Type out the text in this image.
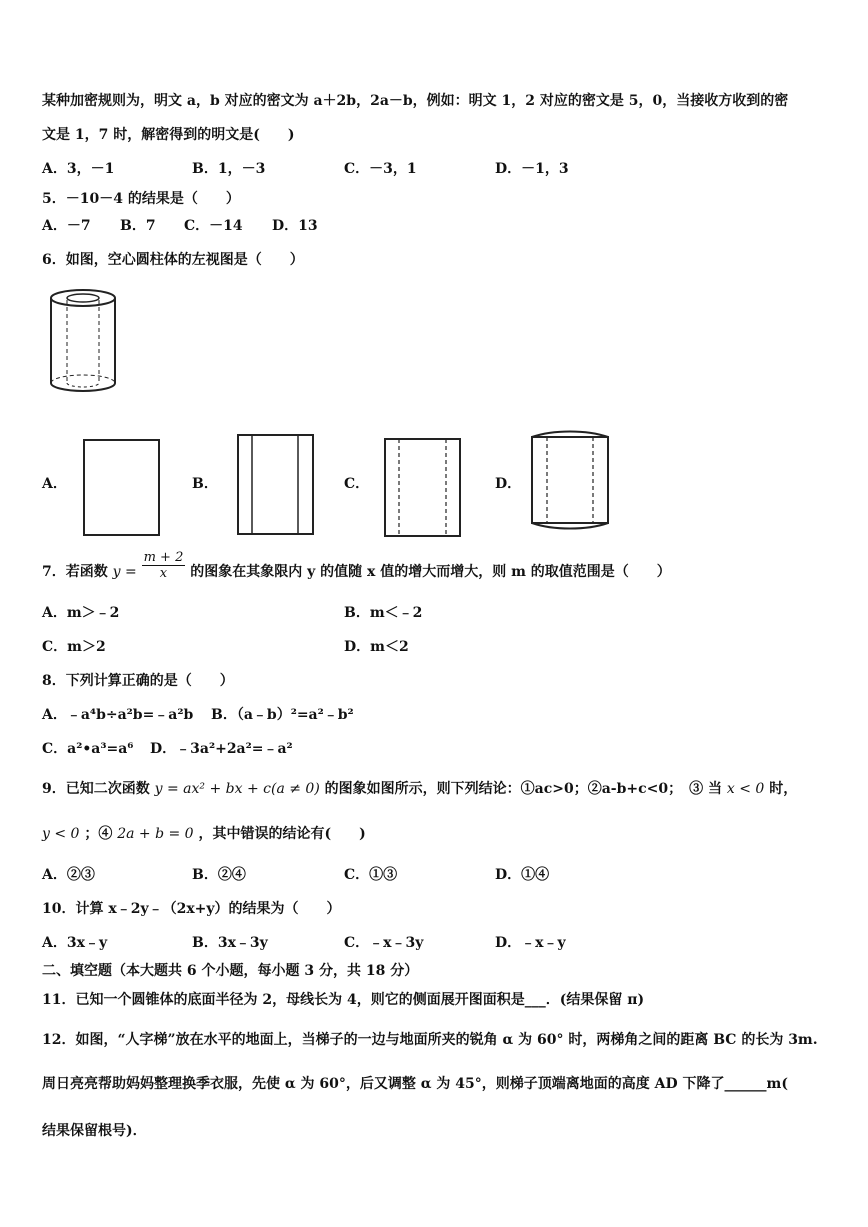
某种加密规则为，明文 a，b 对应的密文为 a＋2b，2a－b，例如：明文 1，2 对应的密文是 5，0，当接收方收到的密
文是 1，7 时，解密得到的明文是(　　)
A．3，－1	B．1，－3	C．－3，1	D．－1，3
5．－10－4 的结果是（　　）
A．－7 B．7 C．－14 D．13
6．如图，空心圆柱体的左视图是（　　）
A．	B．	C．	D．
7．若函数 $y = \frac{m + 2}{x}$ 的图象在其象限内 y 的值随 x 值的增大而增大，则 m 的取值范围是（　　）
A．m＞﹣2	B．m＜﹣2
C．m＞2	D．m＜2
8．下列计算正确的是（　　）
A．﹣a⁴b÷a²b=﹣a²b B．（a﹣b）²=a²﹣b²
C．a²•a³=a⁶ D．﹣3a²+2a²=﹣a²
9．已知二次函数 y = ax² + bx + c(a ≠ 0) 的图象如图所示，则下列结论：①ac>0；②a-b+c<0；　③ 当 x < 0 时，
y < 0 ；④ 2a + b = 0 ，其中错误的结论有(　　)
A．②③	B．②④	C．①③	D．①④
10．计算 x﹣2y﹣（2x+y）的结果为（　　）
A．3x﹣y	B．3x﹣3y	C．﹣x﹣3y	D．﹣x﹣y
二、填空题（本大题共 6 个小题，每小题 3 分，共 18 分）
11．已知一个圆锥体的底面半径为 2，母线长为 4，则它的侧面展开图面积是___．(结果保留 π)
12．如图，“人字梯”放在水平的地面上，当梯子的一边与地面所夹的锐角 α 为 60° 时，两梯角之间的距离 BC 的长为 3m.
周日亮亮帮助妈妈整理换季衣服，先使 α 为 60°，后又调整 α 为 45°，则梯子顶端离地面的高度 AD 下降了______m(
结果保留根号)．
